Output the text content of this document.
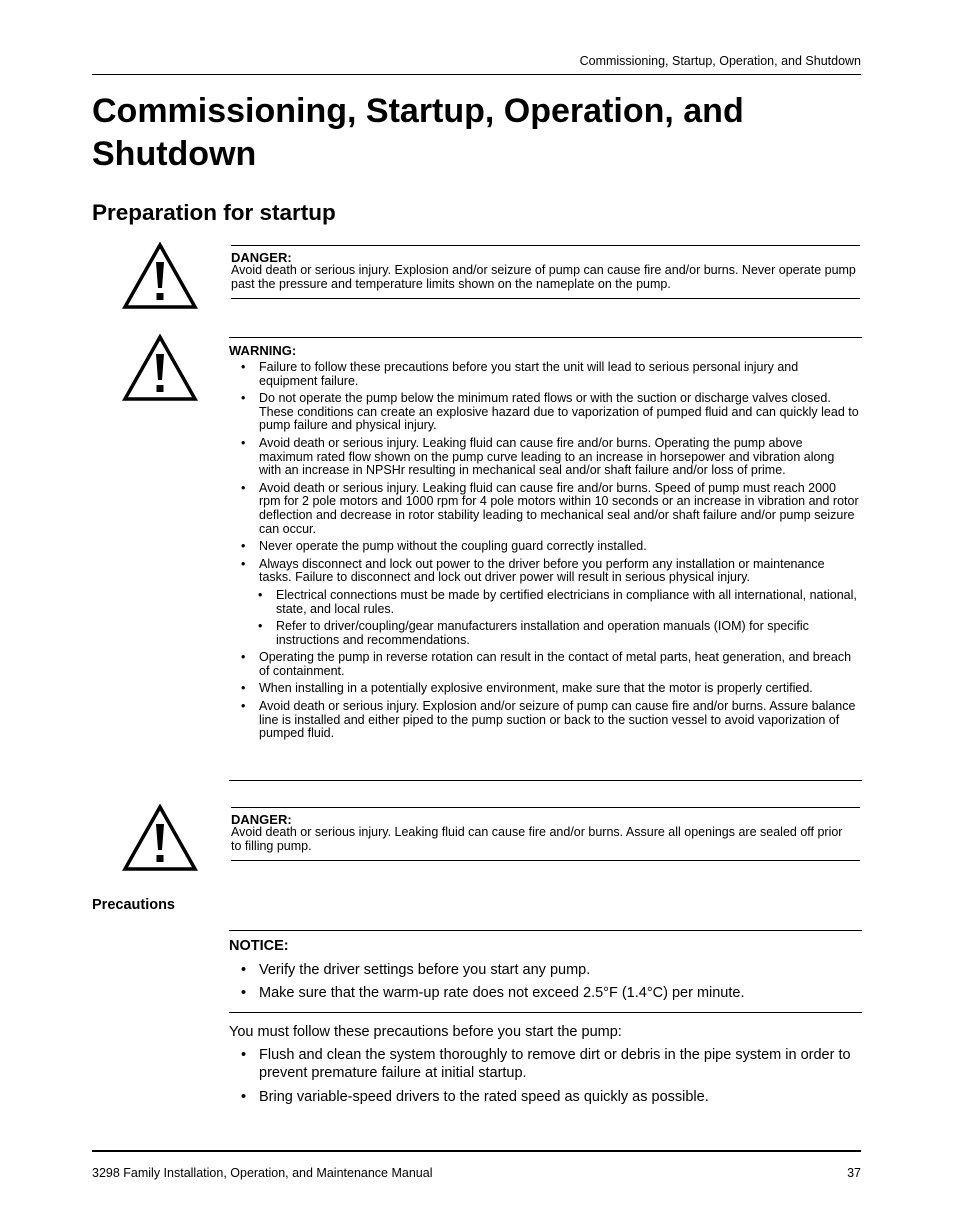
Commissioning, Startup, Operation, and Shutdown
Commissioning, Startup, Operation, and Shutdown
Preparation for startup
DANGER:
Avoid death or serious injury. Explosion and/or seizure of pump can cause fire and/or burns. Never operate pump past the pressure and temperature limits shown on the nameplate on the pump.
WARNING:
• Failure to follow these precautions before you start the unit will lead to serious personal injury and equipment failure.
• Do not operate the pump below the minimum rated flows or with the suction or discharge valves closed. These conditions can create an explosive hazard due to vaporization of pumped fluid and can quickly lead to pump failure and physical injury.
• Avoid death or serious injury. Leaking fluid can cause fire and/or burns. Operating the pump above maximum rated flow shown on the pump curve leading to an increase in horsepower and vibration along with an increase in NPSHr resulting in mechanical seal and/or shaft failure and/or loss of prime.
• Avoid death or serious injury. Leaking fluid can cause fire and/or burns. Speed of pump must reach 2000 rpm for 2 pole motors and 1000 rpm for 4 pole motors within 10 seconds or an increase in vibration and rotor deflection and decrease in rotor stability leading to mechanical seal and/or shaft failure and/or pump seizure can occur.
• Never operate the pump without the coupling guard correctly installed.
• Always disconnect and lock out power to the driver before you perform any installation or maintenance tasks. Failure to disconnect and lock out driver power will result in serious physical injury.
• Electrical connections must be made by certified electricians in compliance with all international, national, state, and local rules.
• Refer to driver/coupling/gear manufacturers installation and operation manuals (IOM) for specific instructions and recommendations.
• Operating the pump in reverse rotation can result in the contact of metal parts, heat generation, and breach of containment.
• When installing in a potentially explosive environment, make sure that the motor is properly certified.
• Avoid death or serious injury. Explosion and/or seizure of pump can cause fire and/or burns. Assure balance line is installed and either piped to the pump suction or back to the suction vessel to avoid vaporization of pumped fluid.
DANGER:
Avoid death or serious injury. Leaking fluid can cause fire and/or burns. Assure all openings are sealed off prior to filling pump.
Precautions
NOTICE:
• Verify the driver settings before you start any pump.
• Make sure that the warm-up rate does not exceed 2.5°F (1.4°C) per minute.
You must follow these precautions before you start the pump:
• Flush and clean the system thoroughly to remove dirt or debris in the pipe system in order to prevent premature failure at initial startup.
• Bring variable-speed drivers to the rated speed as quickly as possible.
3298 Family Installation, Operation, and Maintenance Manual	37
